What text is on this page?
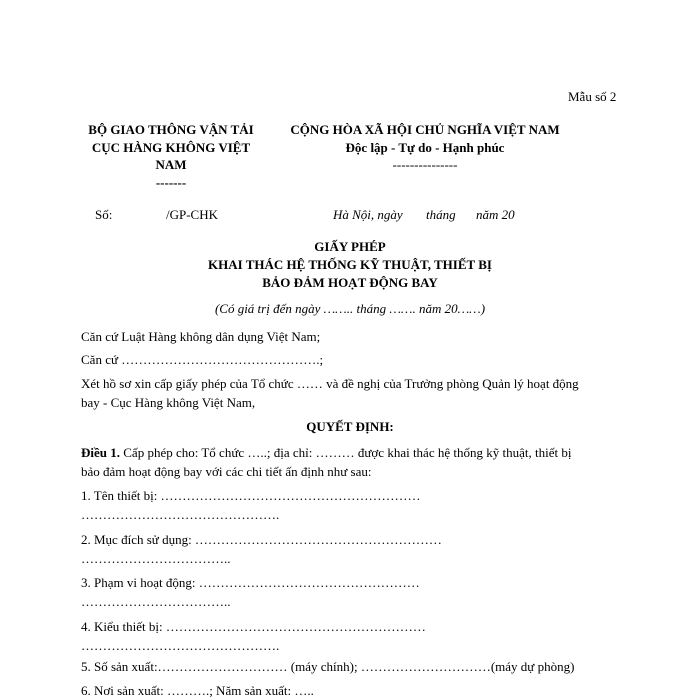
Mẫu số 2
BỘ GIAO THÔNG VẬN TẢI
CỤC HÀNG KHÔNG VIỆT
NAM
-------
CỘNG HÒA XÃ HỘI CHỦ NGHĨA VIỆT NAM
Độc lập - Tự do - Hạnh phúc
---------------
Số:	/GP-CHK	Hà Nội, ngày tháng năm 20
GIẤY PHÉP
KHAI THÁC HỆ THỐNG KỸ THUẬT, THIẾT BỊ
BẢO ĐẢM HOẠT ĐỘNG BAY
(Có giá trị đến ngày …….. tháng ……. năm 20……)
Căn cứ Luật Hàng không dân dụng Việt Nam;
Căn cứ ……………………………………….;
Xét hồ sơ xin cấp giấy phép của Tổ chức …… và đề nghị của Trưởng phòng Quản lý hoạt động
bay - Cục Hàng không Việt Nam,
QUYẾT ĐỊNH:
Điều 1. Cấp phép cho: Tổ chức …..; địa chỉ: ……… được khai thác hệ thống kỹ thuật, thiết bị
bảo đảm hoạt động bay với các chi tiết ấn định như sau:
1. Tên thiết bị: ……………………………………………………
……………………………………….
2. Mục đích sử dụng: …………………………………………………
……………………………..
3. Phạm vi hoạt động: ……………………………………………
……………………………..
4. Kiểu thiết bị: ……………………………………………………
……………………………………….
5. Số sản xuất:………………………… (máy chính); …………………………(máy dự phòng)
6. Nơi sản xuất: ……….; Năm sản xuất: …..
